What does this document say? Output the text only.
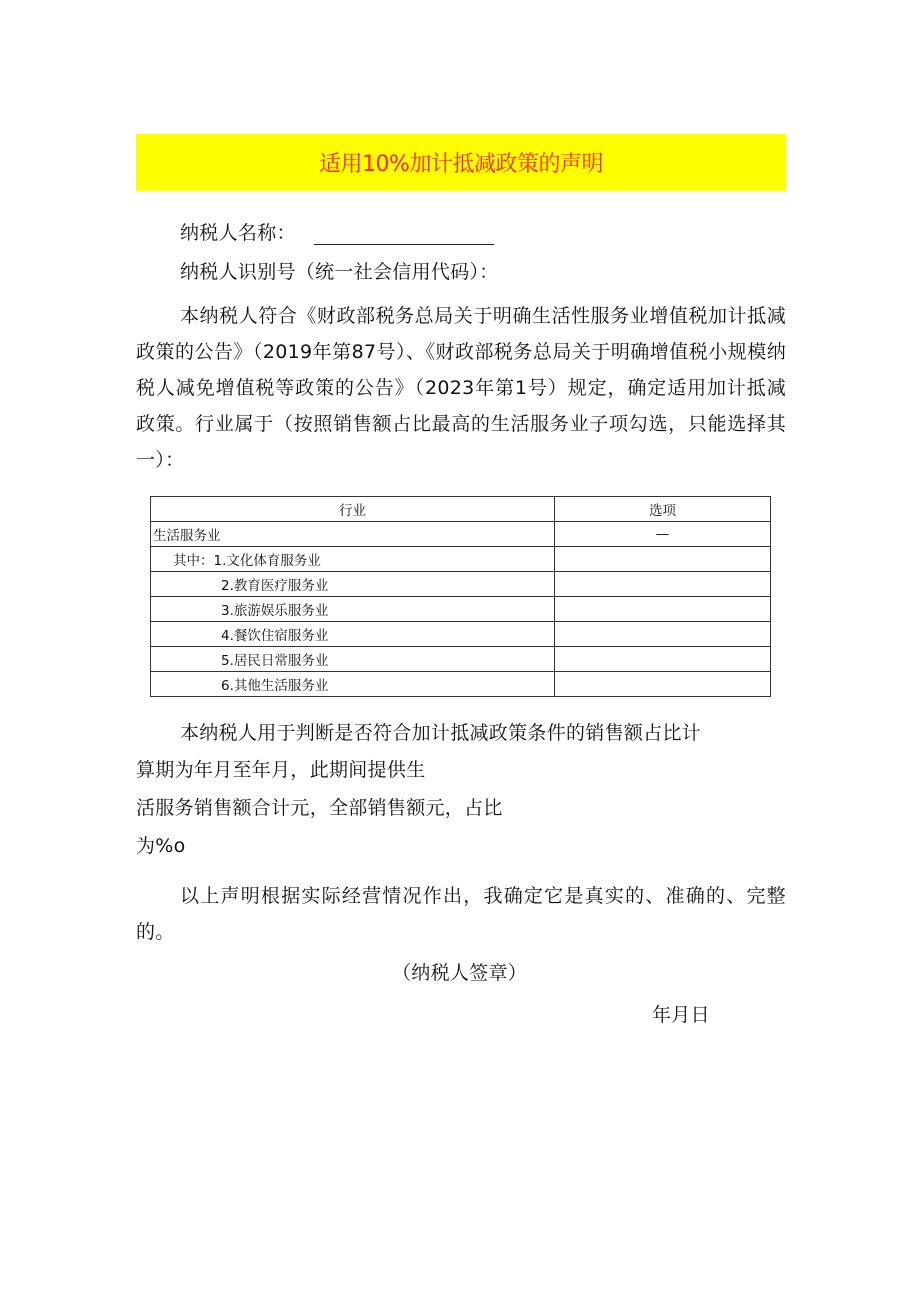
适用10%加计抵减政策的声明
纳税人名称：
纳税人识别号（统一社会信用代码）：
本纳税人符合《财政部税务总局关于明确生活性服务业增值税加计抵减政策的公告》（2019年第87号）、《财政部税务总局关于明确增值税小规模纳税人减免增值税等政策的公告》（2023年第1号）规定，确定适用加计抵减政策。行业属于（按照销售额占比最高的生活服务业子项勾选，只能选择其一）：
行业	选项
生活服务业	—
其中：1.文化体育服务业	
2.教育医疗服务业	
3.旅游娱乐服务业	
4.餐饮住宿服务业	
5.居民日常服务业	
6.其他生活服务业	
本纳税人用于判断是否符合加计抵减政策条件的销售额占比计
算期为年月至年月，此期间提供生
活服务销售额合计元，全部销售额元，占比
为%o
以上声明根据实际经营情况作出，我确定它是真实的、准确的、完整的。
（纳税人签章）
年月日
